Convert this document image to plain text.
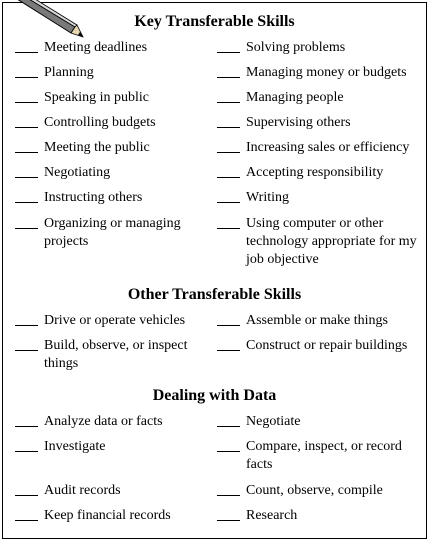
Key Transferable Skills
Meeting deadlines
Planning
Speaking in public
Controlling budgets
Meeting the public
Negotiating
Instructing others
Organizing or managing projects
Solving problems
Managing money or budgets
Managing people
Supervising others
Increasing sales or efficiency
Accepting responsibility
Writing
Using computer or other technology appropriate for my job objective
Other Transferable Skills
Drive or operate vehicles
Build, observe, or inspect things
Assemble or make things
Construct or repair buildings
Dealing with Data
Analyze data or facts
Investigate
Audit records
Keep financial records
Negotiate
Compare, inspect, or record facts
Count, observe, compile
Research
